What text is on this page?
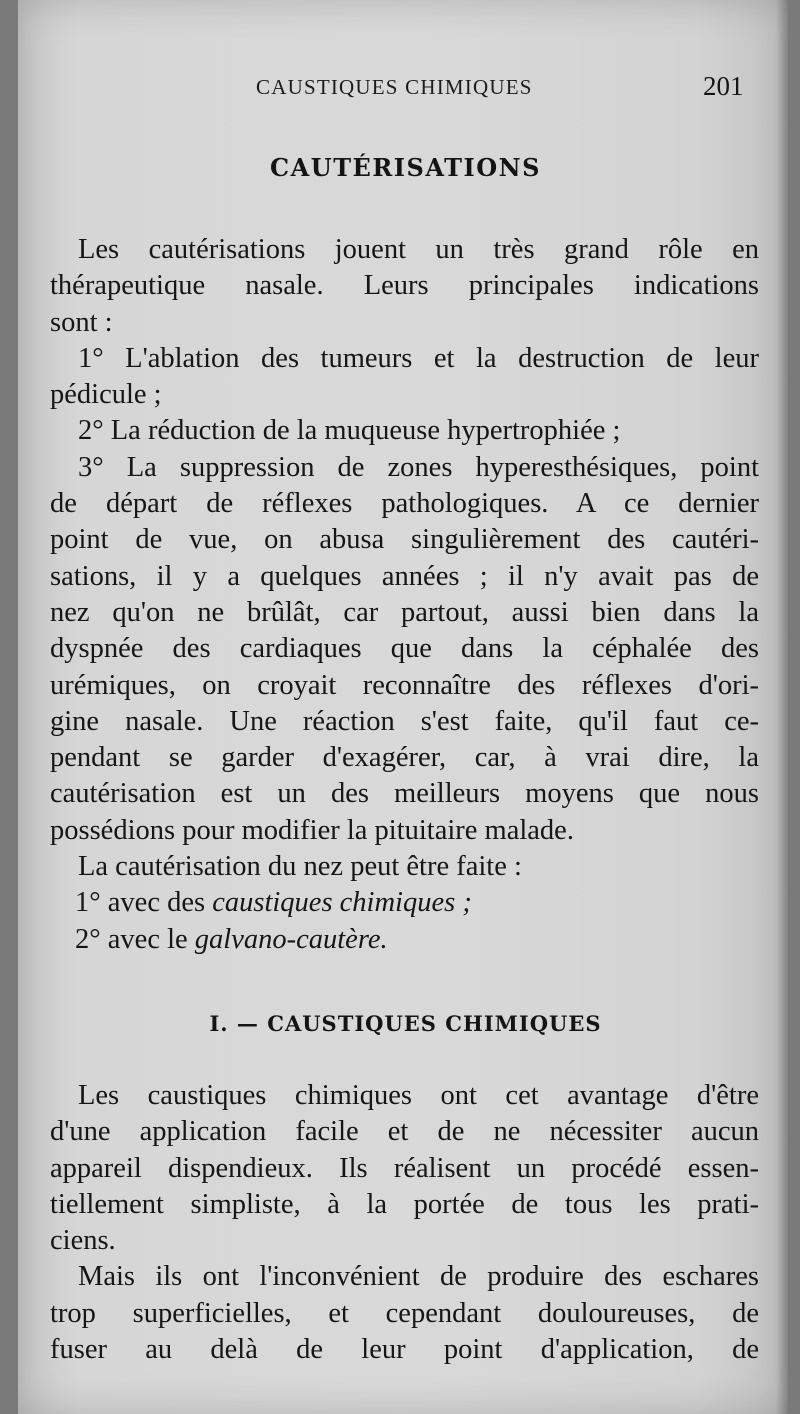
CAUSTIQUES CHIMIQUES	201
CAUTÉRISATIONS
Les cautérisations jouent un très grand rôle en
thérapeutique nasale. Leurs principales indications
sont :
1° L'ablation des tumeurs et la destruction de leur
pédicule ;
2° La réduction de la muqueuse hypertrophiée ;
3° La suppression de zones hyperesthésiques, point
de départ de réflexes pathologiques. A ce dernier
point de vue, on abusa singulièrement des cautéri-
sations, il y a quelques années ; il n'y avait pas de
nez qu'on ne brûlât, car partout, aussi bien dans la
dyspnée des cardiaques que dans la céphalée des
urémiques, on croyait reconnaître des réflexes d'ori-
gine nasale. Une réaction s'est faite, qu'il faut ce-
pendant se garder d'exagérer, car, à vrai dire, la
cautérisation est un des meilleurs moyens que nous
possédions pour modifier la pituitaire malade.
La cautérisation du nez peut être faite :
1° avec des caustiques chimiques ;
2° avec le galvano-cautère.
I. — CAUSTIQUES CHIMIQUES
Les caustiques chimiques ont cet avantage d'être
d'une application facile et de ne nécessiter aucun
appareil dispendieux. Ils réalisent un procédé essen-
tiellement simpliste, à la portée de tous les prati-
ciens.
Mais ils ont l'inconvénient de produire des eschares
trop superficielles, et cependant douloureuses, de
fuser au delà de leur point d'application, de
